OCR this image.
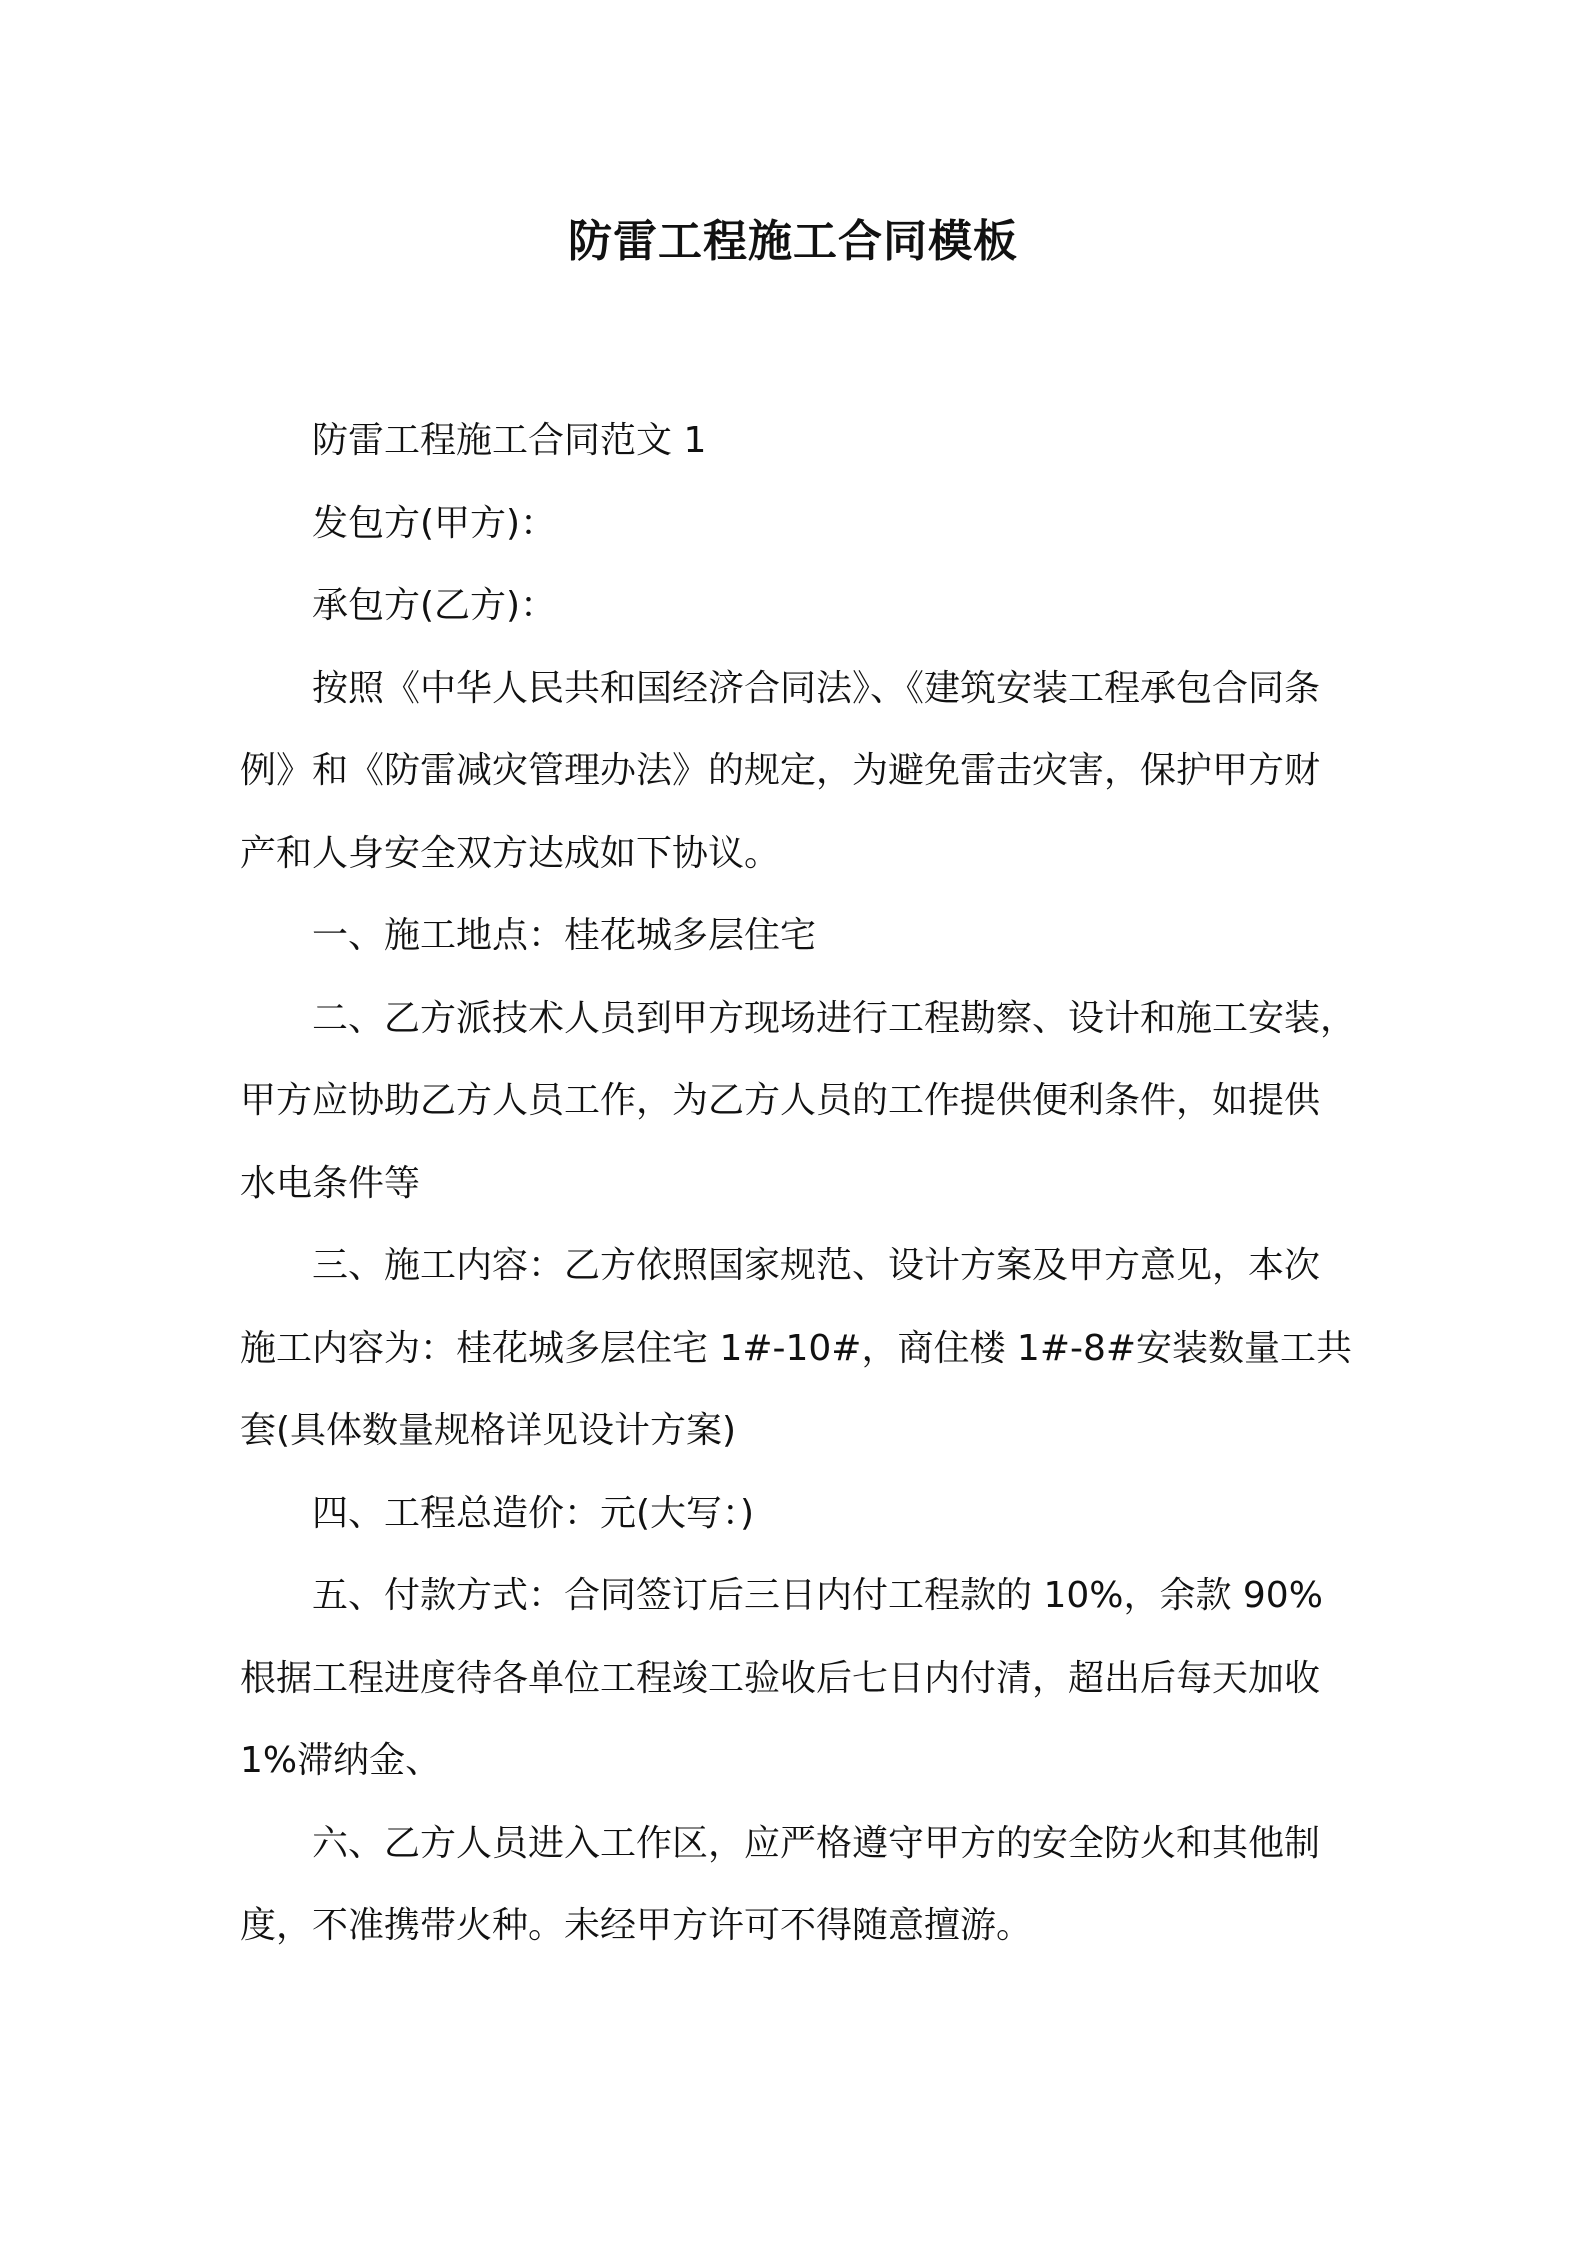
防雷工程施工合同模板
防雷工程施工合同范文 1
发包方(甲方)：
承包方(乙方)：
按照《中华人民共和国经济合同法》、《建筑安装工程承包合同条
例》和《防雷减灾管理办法》的规定，为避免雷击灾害，保护甲方财
产和人身安全双方达成如下协议。
一、施工地点：桂花城多层住宅
二、乙方派技术人员到甲方现场进行工程勘察、设计和施工安装，
甲方应协助乙方人员工作，为乙方人员的工作提供便利条件，如提供
水电条件等
三、施工内容：乙方依照国家规范、设计方案及甲方意见，本次
施工内容为：桂花城多层住宅 1#-10#，商住楼 1#-8#安装数量工共
套(具体数量规格详见设计方案)
四、工程总造价：元(大写：)
五、付款方式：合同签订后三日内付工程款的 10%，余款 90%
根据工程进度待各单位工程竣工验收后七日内付清，超出后每天加收
1%滞纳金、
六、乙方人员进入工作区，应严格遵守甲方的安全防火和其他制
度，不准携带火种。未经甲方许可不得随意擅游。
